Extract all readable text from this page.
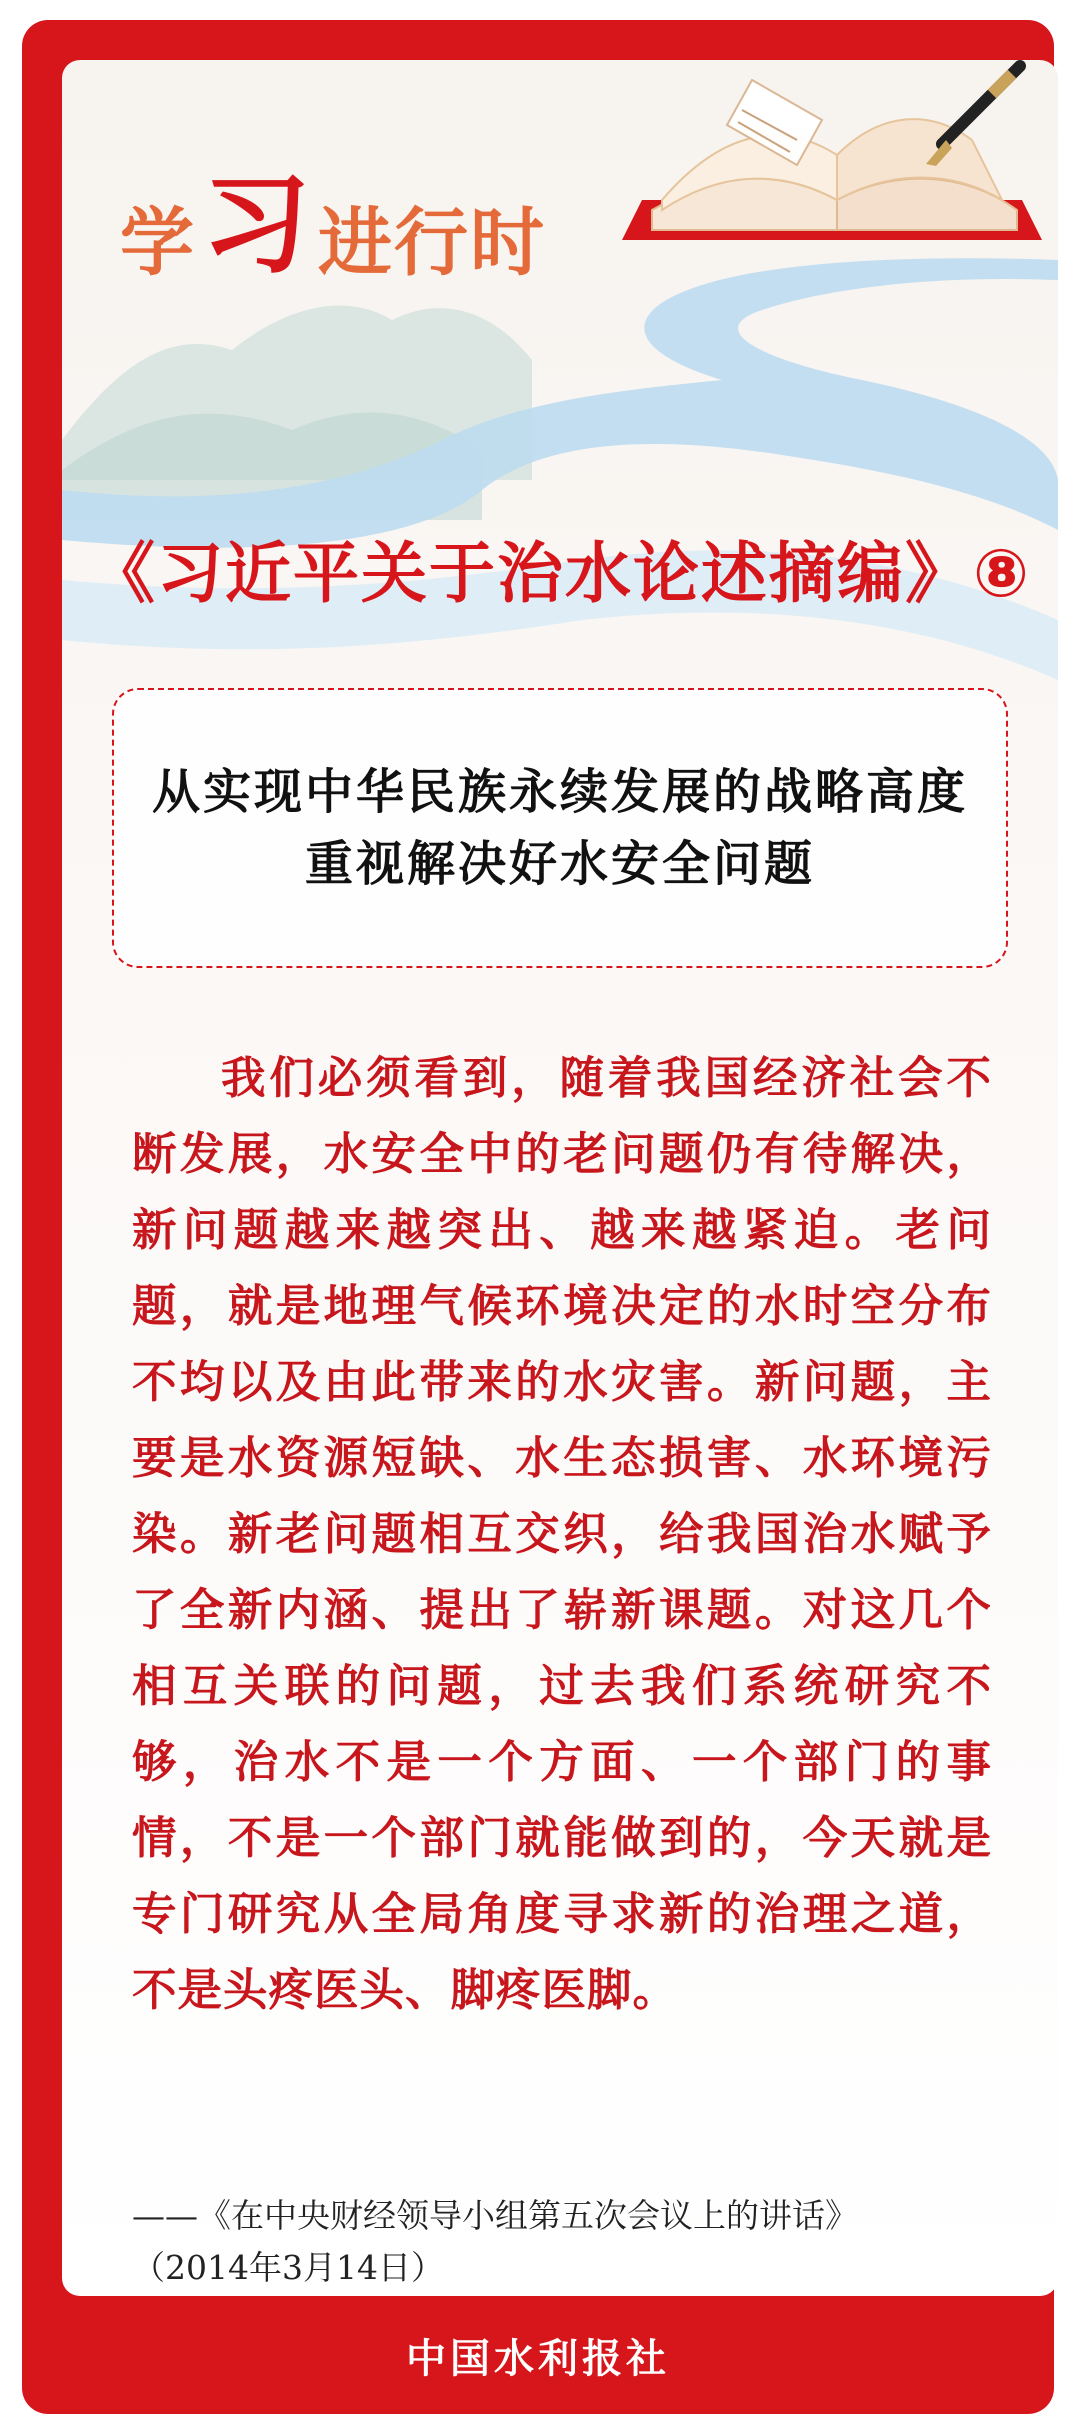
学 习 进行时
《习近平关于治水论述摘编》⑧
从实现中华民族永续发展的战略高度
重视解决好水安全问题
我们必须看到，随着我国经济社会不断发展，水安全中的老问题仍有待解决，新问题越来越突出、越来越紧迫。老问题，就是地理气候环境决定的水时空分布不均以及由此带来的水灾害。新问题，主要是水资源短缺、水生态损害、水环境污染。新老问题相互交织，给我国治水赋予了全新内涵、提出了崭新课题。对这几个相互关联的问题，过去我们系统研究不够，治水不是一个方面、一个部门的事情，不是一个部门就能做到的，今天就是专门研究从全局角度寻求新的治理之道，不是头疼医头、脚疼医脚。
——《在中央财经领导小组第五次会议上的讲话》
（2014年3月14日）
中国水利报社
